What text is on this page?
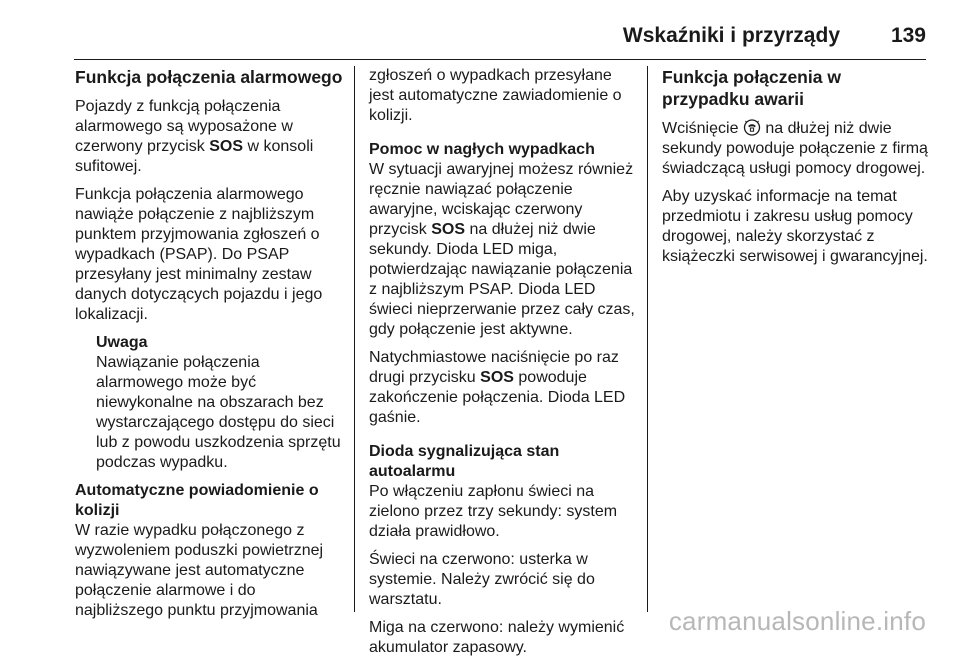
Wskaźniki i przyrządy 139
Funkcja połączenia alarmowego

Pojazdy z funkcją połączenia alarmowego są wyposażone w czerwony przycisk SOS w konsoli sufitowej.

Funkcja połączenia alarmowego nawiąże połączenie z najbliższym punktem przyjmowania zgłoszeń o wypadkach (PSAP). Do PSAP przesyłany jest minimalny zestaw danych dotyczących pojazdu i jego lokalizacji.

Uwaga
Nawiązanie połączenia alarmowego może być niewykonalne na obszarach bez wystarczającego dostępu do sieci lub z powodu uszkodzenia sprzętu podczas wypadku.
Automatyczne powiadomienie o kolizji

W razie wypadku połączonego z wyzwoleniem poduszki powietrznej nawiązywane jest automatyczne połączenie alarmowe i do najbliższego punktu przyjmowania

zgłoszeń o wypadkach przesyłane jest automatyczne zawiadomienie o kolizji.

Pomoc w nagłych wypadkach

W sytuacji awaryjnej możesz również ręcznie nawiązać połączenie awaryjne, wciskając czerwony przycisk SOS na dłużej niż dwie sekundy. Dioda LED miga, potwierdzając nawiązanie połączenia z najbliższym PSAP. Dioda LED świeci nieprzerwanie przez cały czas, gdy połączenie jest aktywne.

Natychmiastowe naciśnięcie po raz drugi przycisku SOS powoduje zakończenie połączenia. Dioda LED gaśnie.

Dioda sygnalizująca stan autoalarmu

Po włączeniu zapłonu świeci na zielono przez trzy sekundy: system działa prawidłowo.

Świeci na czerwono: usterka w systemie. Należy zwrócić się do warsztatu.

Miga na czerwono: należy wymienić akumulator zapasowy.

Funkcja połączenia w przypadku awarii

Wciśnięcie  na dłużej niż dwie sekundy powoduje połączenie z firmą świadczącą usługi pomocy drogowej.

Aby uzyskać informacje na temat przedmiotu i zakresu usług pomocy drogowej, należy skorzystać z książeczki serwisowej i gwarancyjnej.

carmanualsonline.info
